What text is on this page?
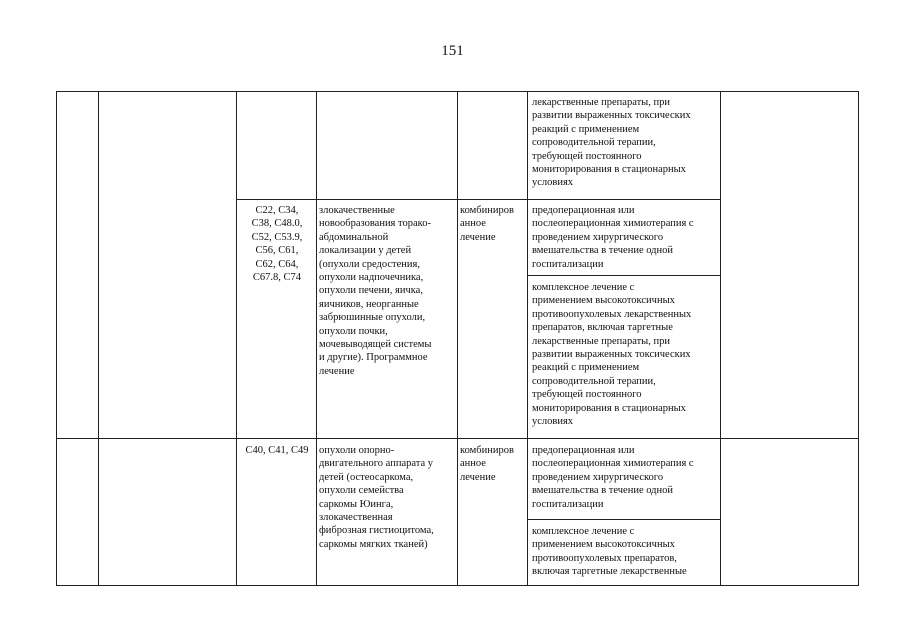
151
лекарственные препараты, при
развитии выраженных токсических
реакций с применением
сопроводительной терапии,
требующей постоянного
мониторирования в стационарных
условиях
C22, C34,
C38, C48.0,
C52, C53.9,
C56, C61,
C62, C64,
C67.8, C74
злокачественные
новообразования торако-
абдоминальной
локализации у детей
(опухоли средостения,
опухоли надпочечника,
опухоли печени, яичка,
яичников, неорганные
забрюшинные опухоли,
опухоли почки,
мочевыводящей системы
и другие). Программное
лечение
комбиниров
анное
лечение
предоперационная или
послеоперационная химиотерапия с
проведением хирургического
вмешательства в течение одной
госпитализации
комплексное лечение с
применением высокотоксичных
противоопухолевых лекарственных
препаратов, включая таргетные
лекарственные препараты, при
развитии выраженных токсических
реакций с применением
сопроводительной терапии,
требующей постоянного
мониторирования в стационарных
условиях
C40, C41, C49	опухоли опорно-
двигательного аппарата у
детей (остеосаркома,
опухоли семейства
саркомы Юинга,
злокачественная
фиброзная гистиоцитома,
саркомы мягких тканей)
комбиниров
анное
лечение
предоперационная или
послеоперационная химиотерапия с
проведением хирургического
вмешательства в течение одной
госпитализации
комплексное лечение с
применением высокотоксичных
противоопухолевых препаратов,
включая таргетные лекарственные
